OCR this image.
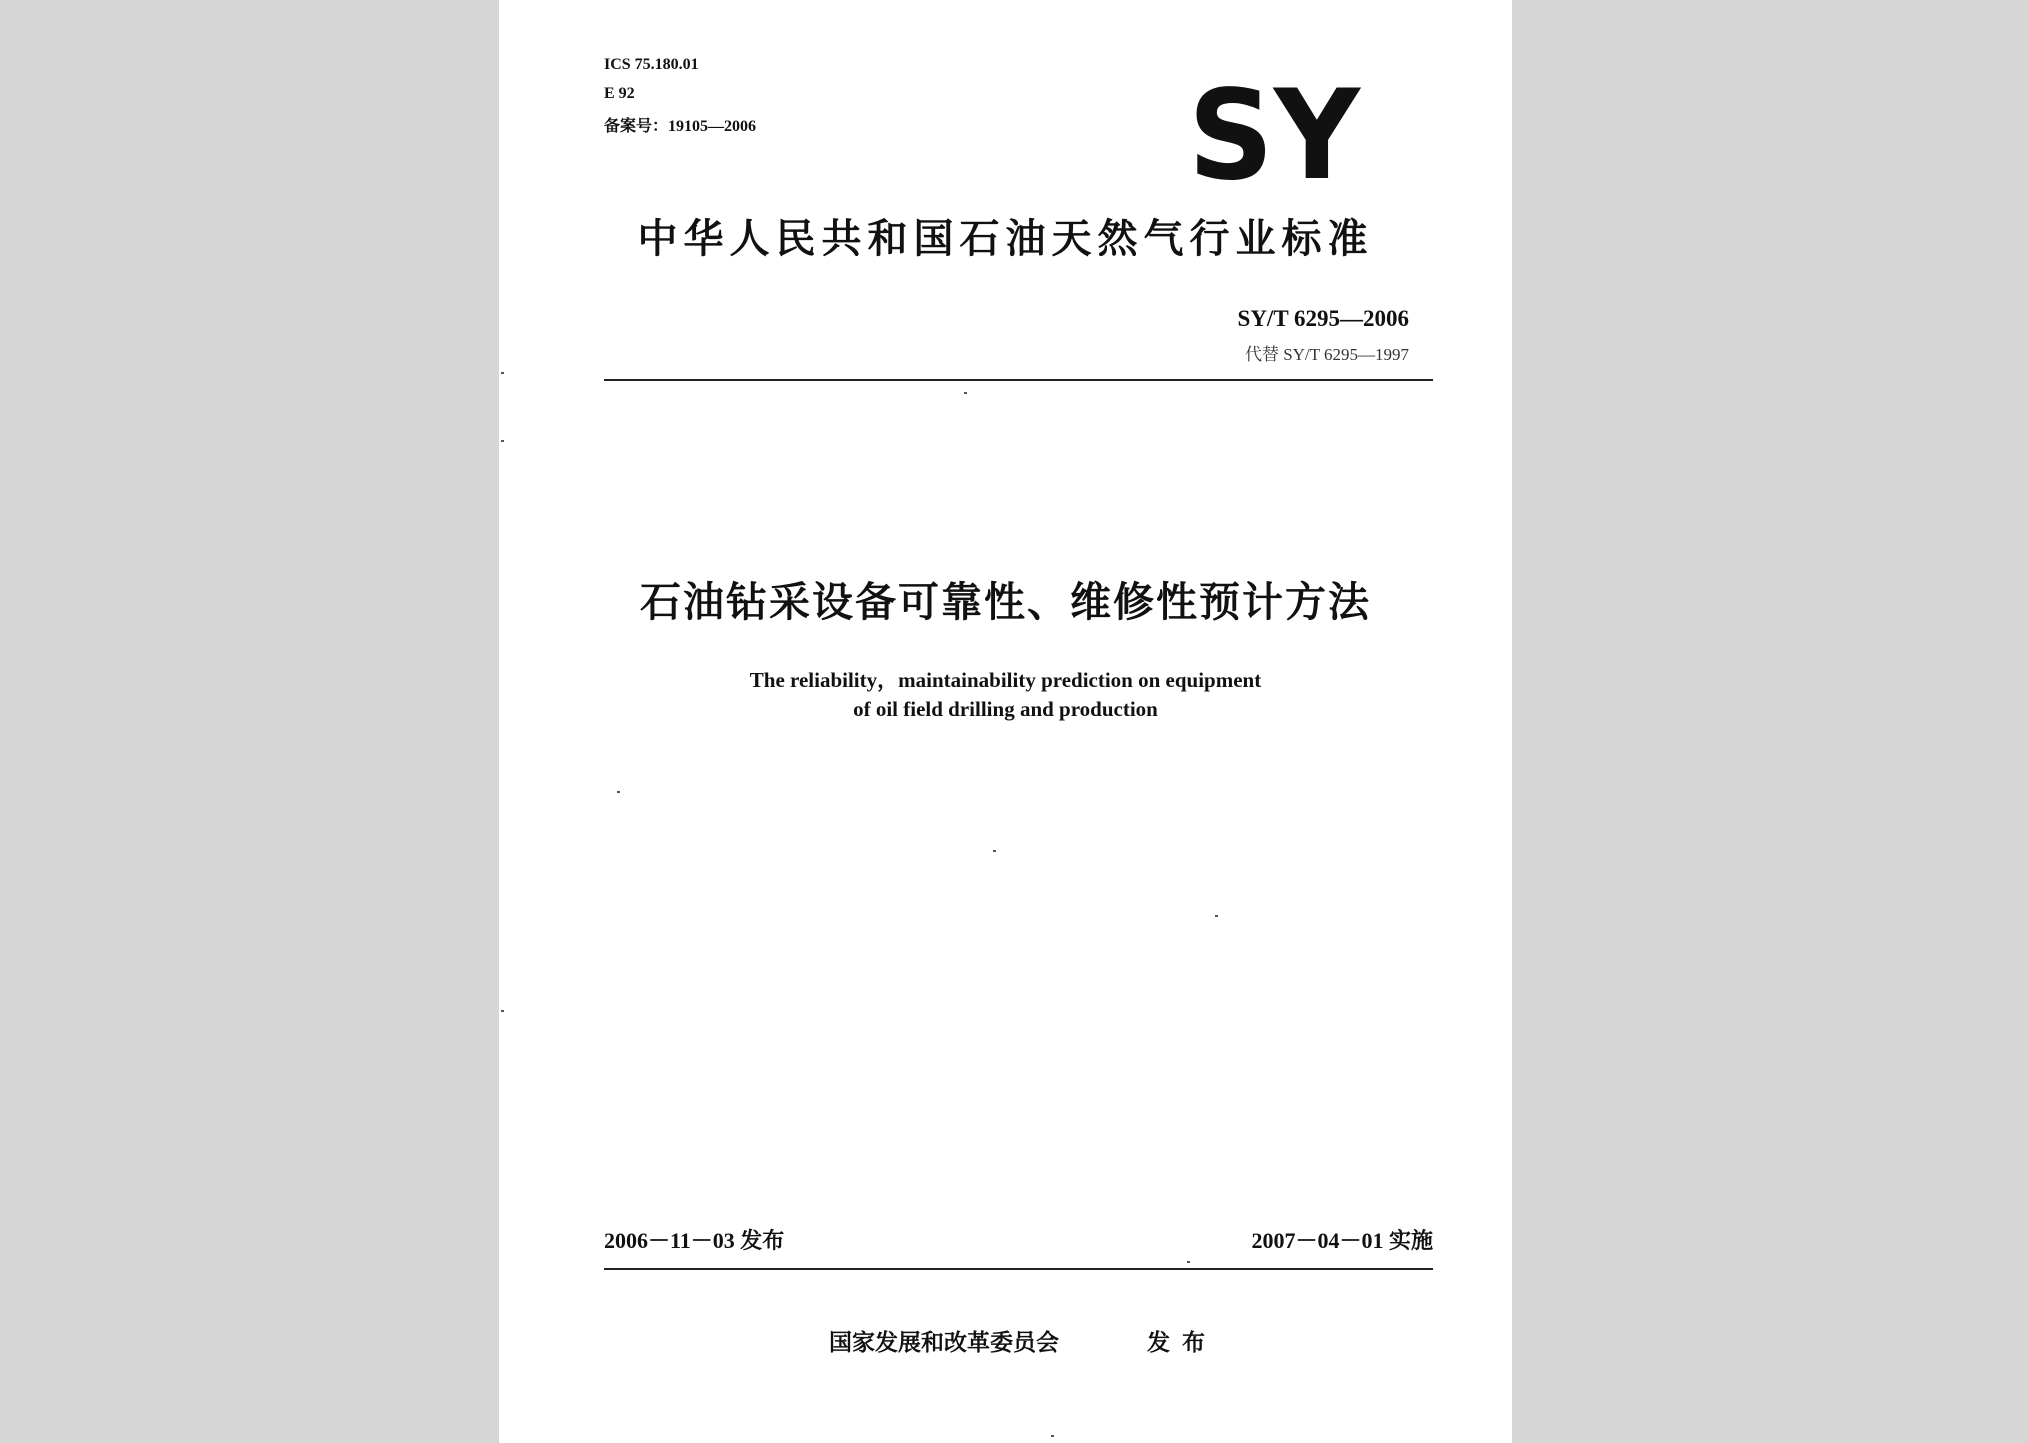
ICS 75.180.01
E 92
备案号：19105—2006	SY
中华人民共和国石油天然气行业标准
SY/T 6295—2006
代替 SY/T 6295—1997
石油钻采设备可靠性、维修性预计方法
The reliability，maintainability prediction on equipment
of oil field drilling and production
2006－11－03 发布	2007－04－01 实施
国家发展和改革委员会	发布
